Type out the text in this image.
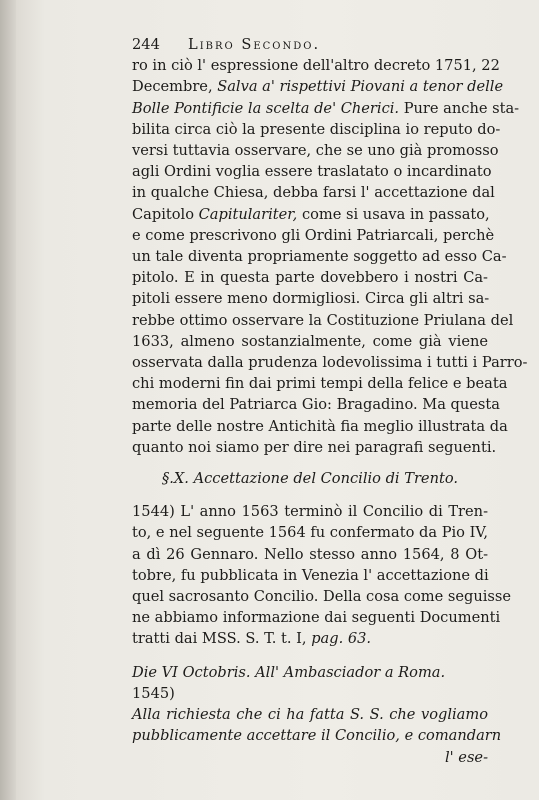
244	Libro Secondo.
ro in ciò l' espressione dell'altro decreto 1751, 22
Decembre, Salva a' rispettivi Piovani a tenor delle
Bolle Pontificie la scelta de' Cherici. Pure anche sta-
bilita circa ciò la presente disciplina io reputo do-
versi tuttavia osservare, che se uno già promosso
agli Ordini voglia essere traslatato o incardinato
in qualche Chiesa, debba farsi l' accettazione dal
Capitolo Capitulariter, come si usava in passato,
e come prescrivono gli Ordini Patriarcali, perchè
un tale diventa propriamente soggetto ad esso Ca-
pitolo. E in questa parte dovebbero i nostri Ca-
pitoli essere meno dormigliosi. Circa gli altri sa-
rebbe ottimo osservare la Costituzione Priulana del
1633, almeno sostanzialmente, come già viene
osservata dalla prudenza lodevolissima i tutti i Parro-
chi moderni fin dai primi tempi della felice e beata
memoria del Patriarca Gio: Bragadino. Ma questa
parte delle nostre Antichità fia meglio illustrata da
quanto noi siamo per dire nei paragrafi seguenti.
§.X. Accettazione del Concilio di Trento.
1544) L' anno 1563 terminò il Concilio di Tren-
to, e nel seguente 1564 fu confermato da Pio IV,
a dì 26 Gennaro. Nello stesso anno 1564, 8 Ot-
tobre, fu pubblicata in Venezia l' accettazione di
quel sacrosanto Concilio. Della cosa come seguisse
ne abbiamo informazione dai seguenti Documenti
tratti dai MSS. S. T. t. I, pag. 63.
Die VI Octobris. All' Ambasciador a Roma.
1545)
Alla richiesta che ci ha fatta S. S. che vogliamo
pubblicamente accettare il Concilio, e comandarn
l' ese-
